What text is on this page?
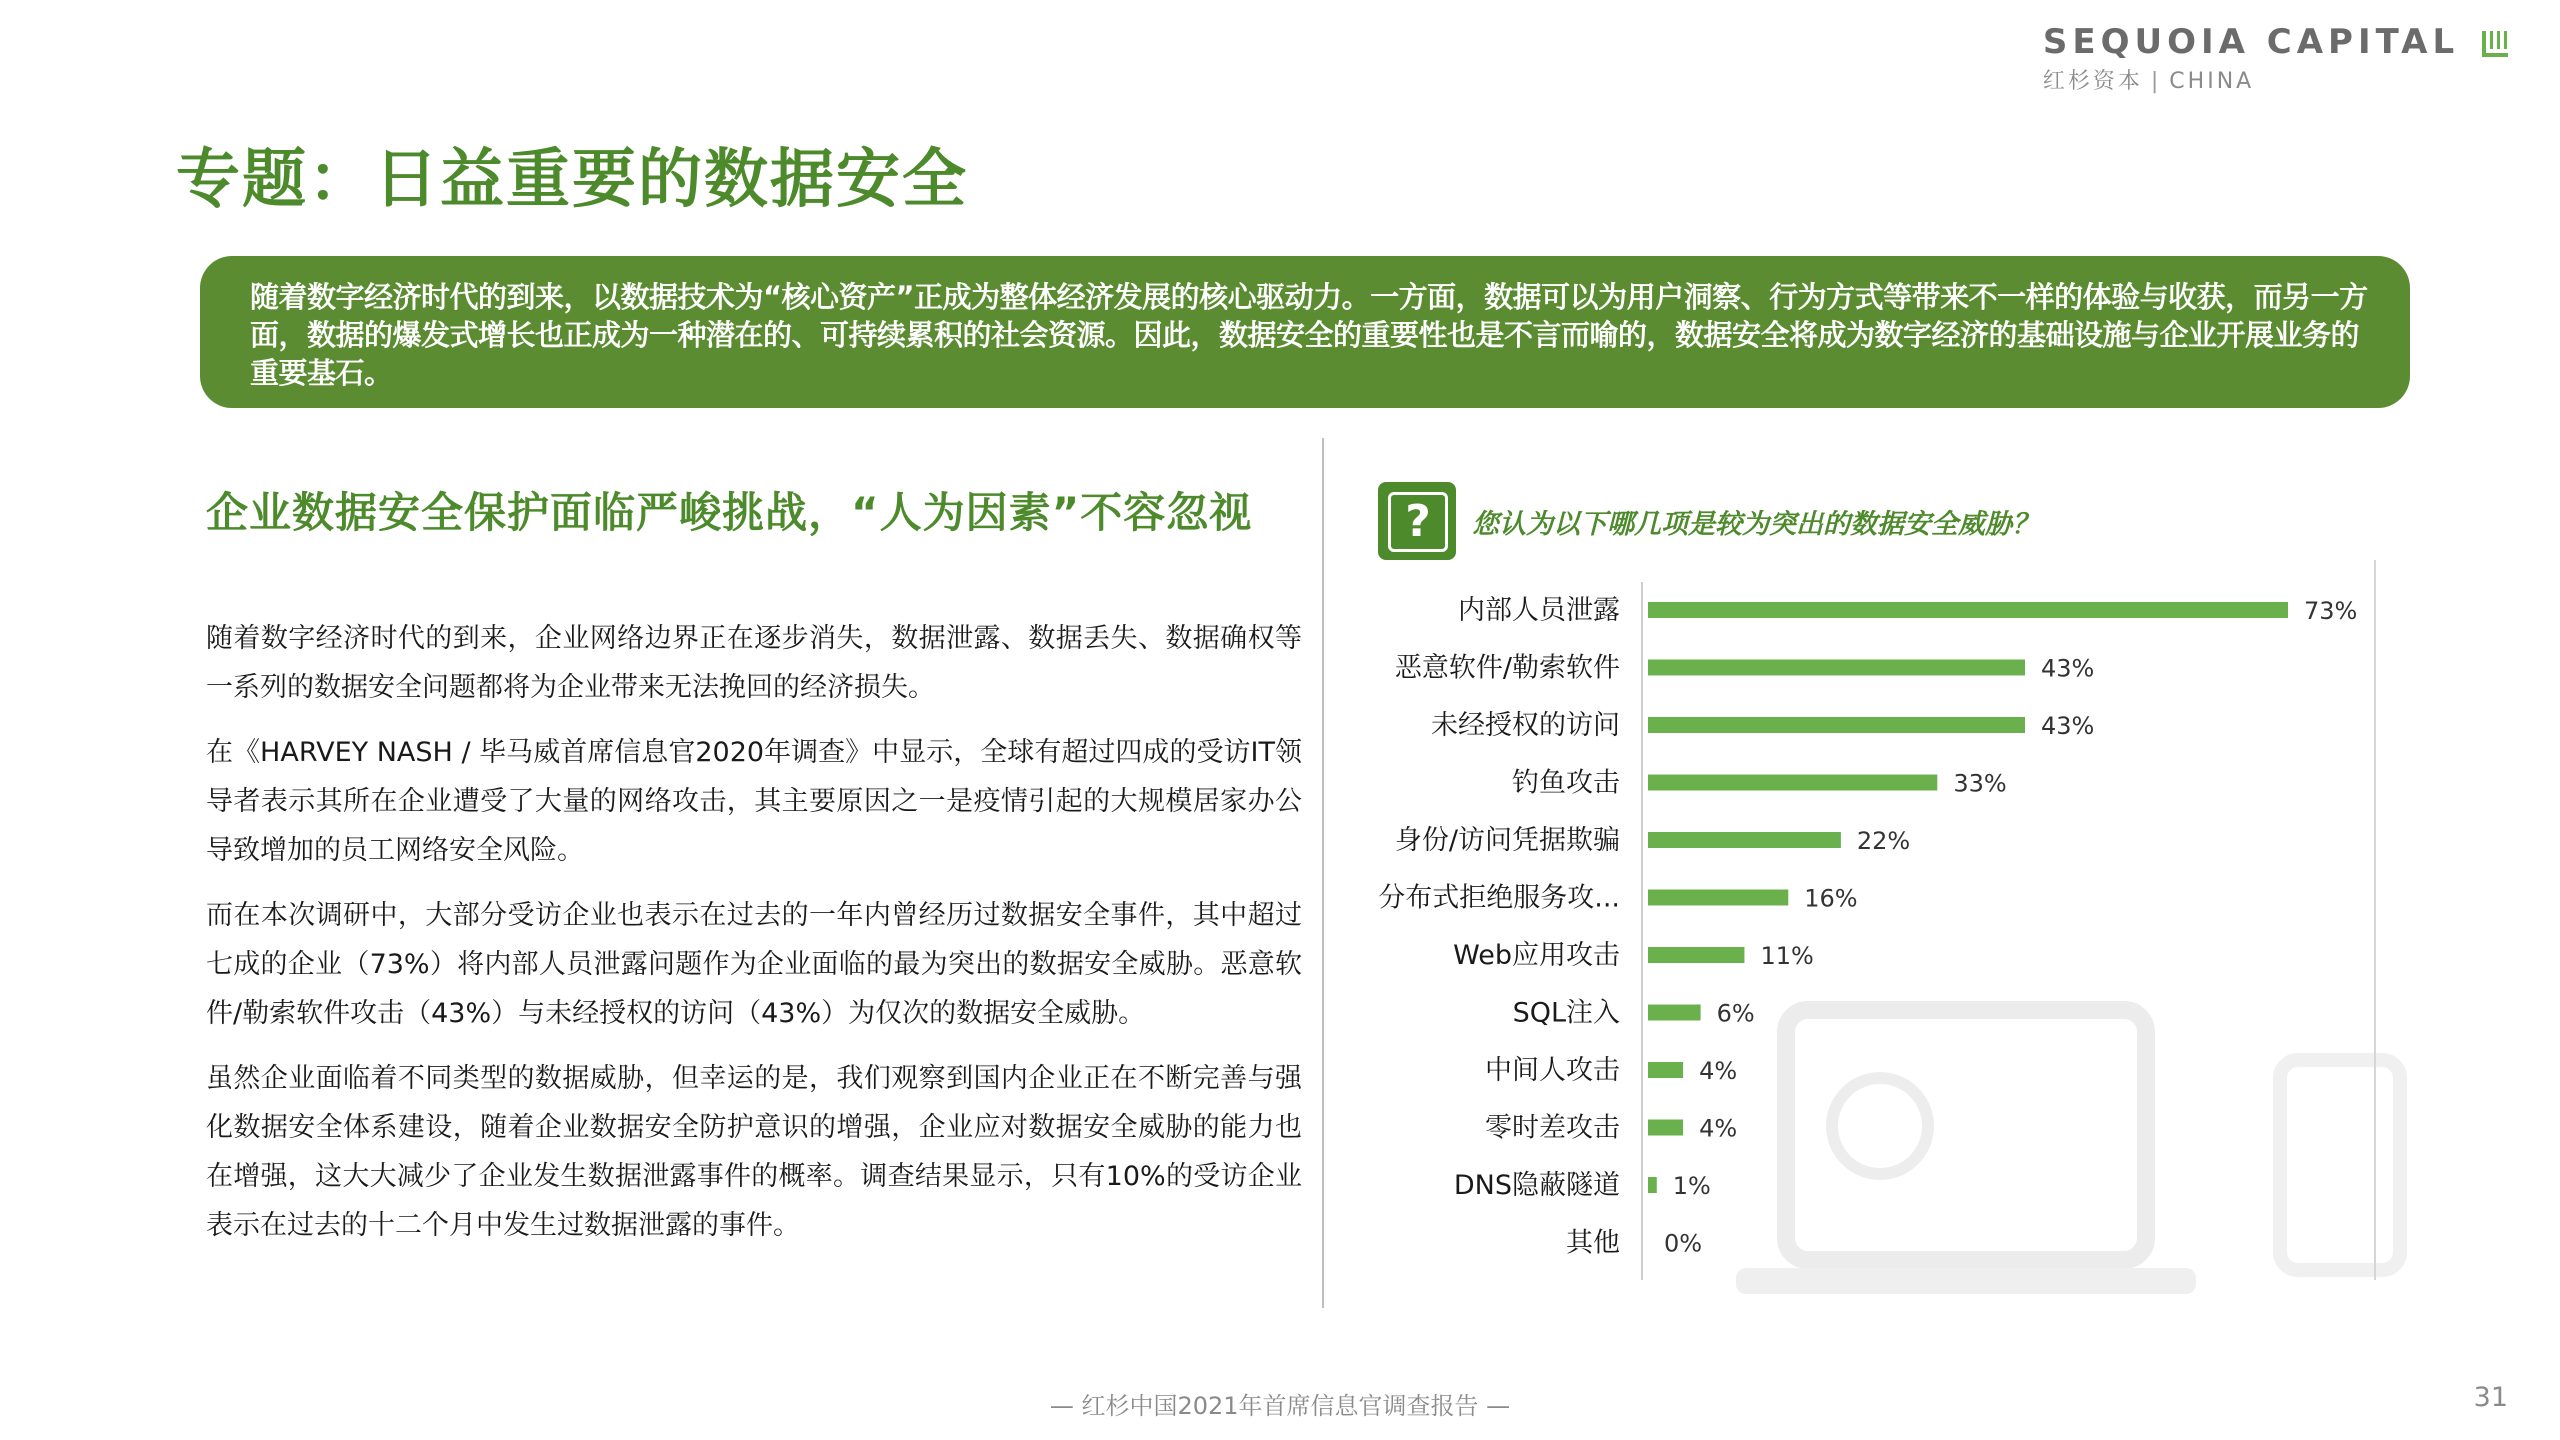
SEQUOIA CAPITAL
红杉资本 | CHINA
专题：日益重要的数据安全

随着数字经济时代的到来，以数据技术为“核心资产”正成为整体经济发展的核心驱动力。一方面，数据可以为用户洞察、行为方式等带来不一样的体验与收获，而另一方面，数据的爆发式增长也正成为一种潜在的、可持续累积的社会资源。因此，数据安全的重要性也是不言而喻的，数据安全将成为数字经济的基础设施与企业开展业务的重要基石。

企业数据安全保护面临严峻挑战，“人为因素”不容忽视

随着数字经济时代的到来，企业网络边界正在逐步消失，数据泄露、数据丢失、数据确权等一系列的数据安全问题都将为企业带来无法挽回的经济损失。

在《HARVEY NASH / 毕马威首席信息官2020年调查》中显示，全球有超过四成的受访IT领导者表示其所在企业遭受了大量的网络攻击，其主要原因之一是疫情引起的大规模居家办公导致增加的员工网络安全风险。

而在本次调研中，大部分受访企业也表示在过去的一年内曾经历过数据安全事件，其中超过七成的企业（73%）将内部人员泄露问题作为企业面临的最为突出的数据安全威胁。恶意软件/勒索软件攻击（43%）与未经授权的访问（43%）为仅次的数据安全威胁。

虽然企业面临着不同类型的数据威胁，但幸运的是，我们观察到国内企业正在不断完善与强化数据安全体系建设，随着企业数据安全防护意识的增强，企业应对数据安全威胁的能力也在增强，这大大减少了企业发生数据泄露事件的概率。调查结果显示，只有10%的受访企业表示在过去的十二个月中发生过数据泄露的事件。

?	您认为以下哪几项是较为突出的数据安全威胁？
内部人员泄露	73%
恶意软件/勒索软件	43%
未经授权的访问	43%
钓鱼攻击	33%
身份/访问凭据欺骗	22%
分布式拒绝服务攻...	16%
Web应用攻击	11%
SQL注入	6%
中间人攻击	4%
零时差攻击	4%
DNS隐蔽隧道 1%
其他 0%
— 红杉中国2021年首席信息官调查报告 —	31
